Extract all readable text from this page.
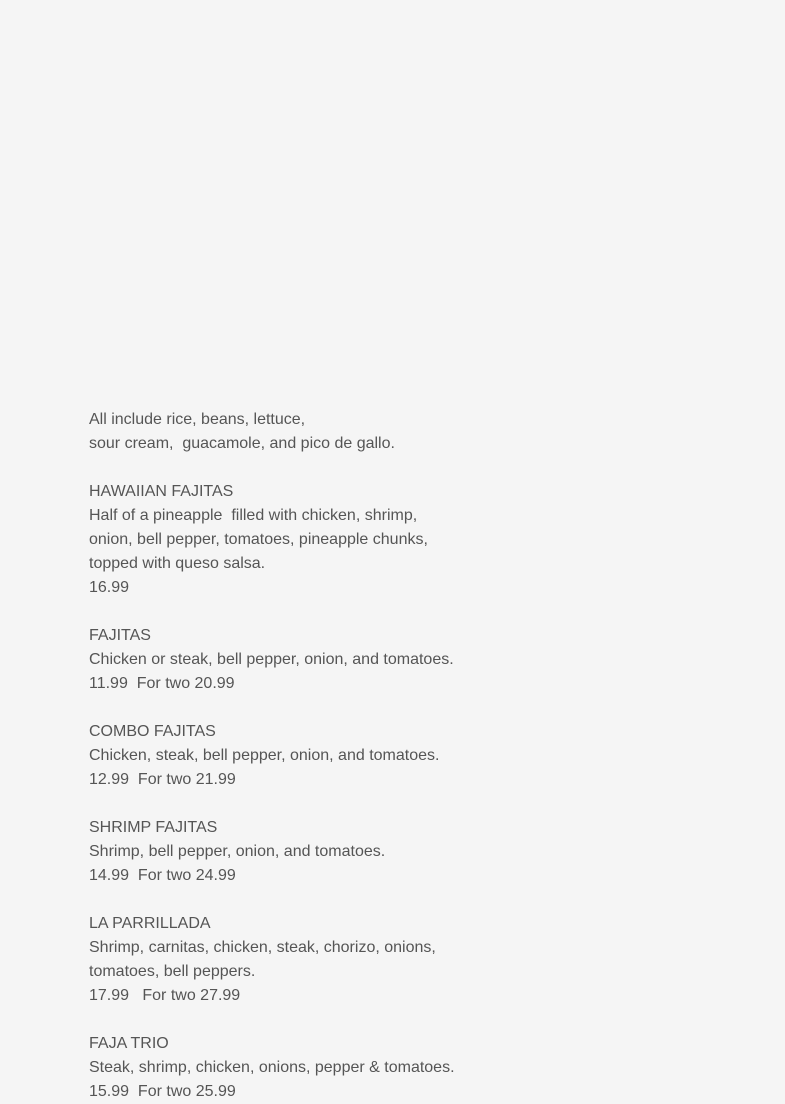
All include rice, beans, lettuce,
sour cream,  guacamole, and pico de gallo.
HAWAIIAN FAJITAS
Half of a pineapple  filled with chicken, shrimp,
onion, bell pepper, tomatoes, pineapple chunks,
topped with queso salsa.
16.99
FAJITAS
Chicken or steak, bell pepper, onion, and tomatoes.
11.99  For two 20.99
COMBO FAJITAS
Chicken, steak, bell pepper, onion, and tomatoes.
12.99  For two 21.99
SHRIMP FAJITAS
Shrimp, bell pepper, onion, and tomatoes.
14.99  For two 24.99
LA PARRILLADA
Shrimp, carnitas, chicken, steak, chorizo, onions,
tomatoes, bell peppers.
17.99   For two 27.99
FAJA TRIO
Steak, shrimp, chicken, onions, pepper & tomatoes.
15.99  For two 25.99
